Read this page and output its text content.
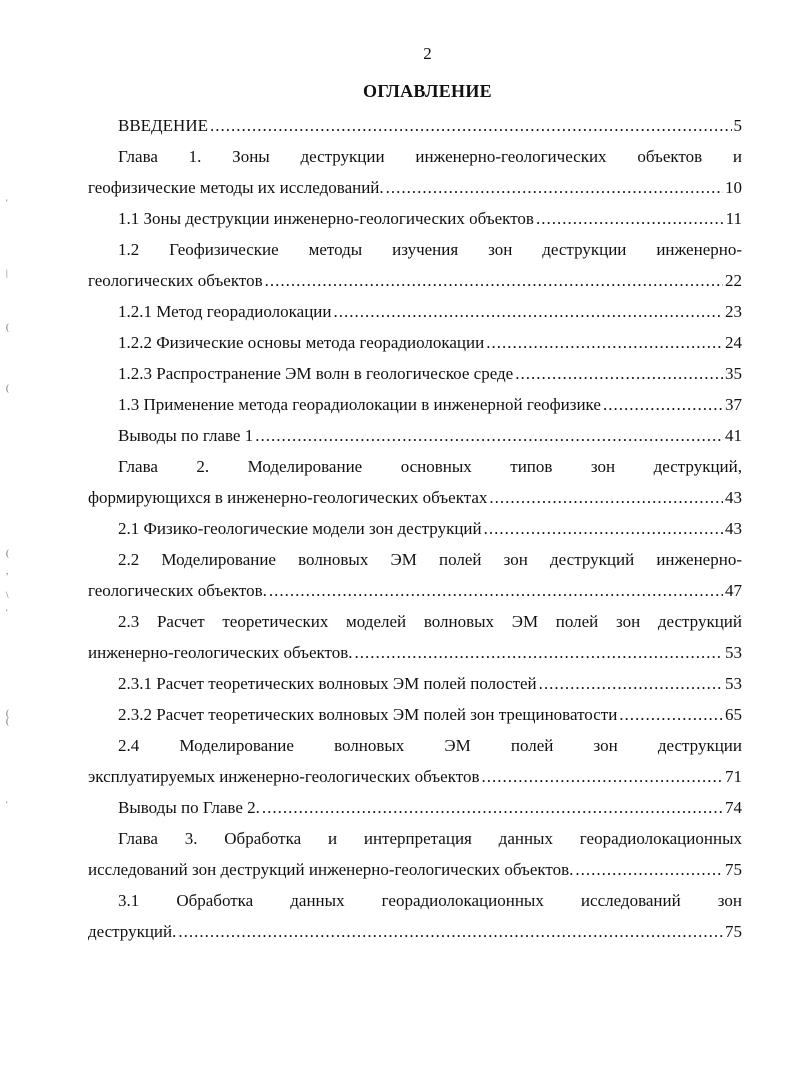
2
ОГЛАВЛЕНИЕ
'
|
(
(
(
,
\
'
(
(
'
ВВЕДЕНИЕ .....	5
Глава 1. Зоны деструкции инженерно-геологических объектов и
геофизические методы их исследований. .....	10
1.1 Зоны деструкции инженерно-геологических объектов .....	11
1.2 Геофизические методы изучения зон деструкции инженерно-
геологических объектов .....	22
1.2.1 Метод георадиолокации .....	23
1.2.2 Физические основы метода георадиолокации .....	24
1.2.3 Распространение ЭМ волн в геологическое среде .....	35
1.3 Применение метода георадиолокации в инженерной геофизике .....	37
Выводы по главе 1 .....	41
Глава 2. Моделирование основных типов зон деструкций,
формирующихся в инженерно-геологических объектах .....	43
2.1 Физико-геологические модели зон деструкций .....	43
2.2 Моделирование волновых ЭМ полей зон деструкций инженерно-
геологических объектов. .....	47
2.3 Расчет теоретических моделей волновых ЭМ полей зон деструкций
инженерно-геологических объектов. .....	53
2.3.1 Расчет теоретических волновых ЭМ полей полостей .....	53
2.3.2 Расчет теоретических волновых ЭМ полей зон трещиноватости .....	65
2.4 Моделирование волновых ЭМ полей зон деструкции
эксплуатируемых инженерно-геологических объектов .....	71
Выводы по Главе 2. .....	74
Глава 3. Обработка и интерпретация данных георадиолокационных
исследований зон деструкций инженерно-геологических объектов. .....	75
3.1 Обработка данных георадиолокационных исследований зон
деструкций. .....	75
